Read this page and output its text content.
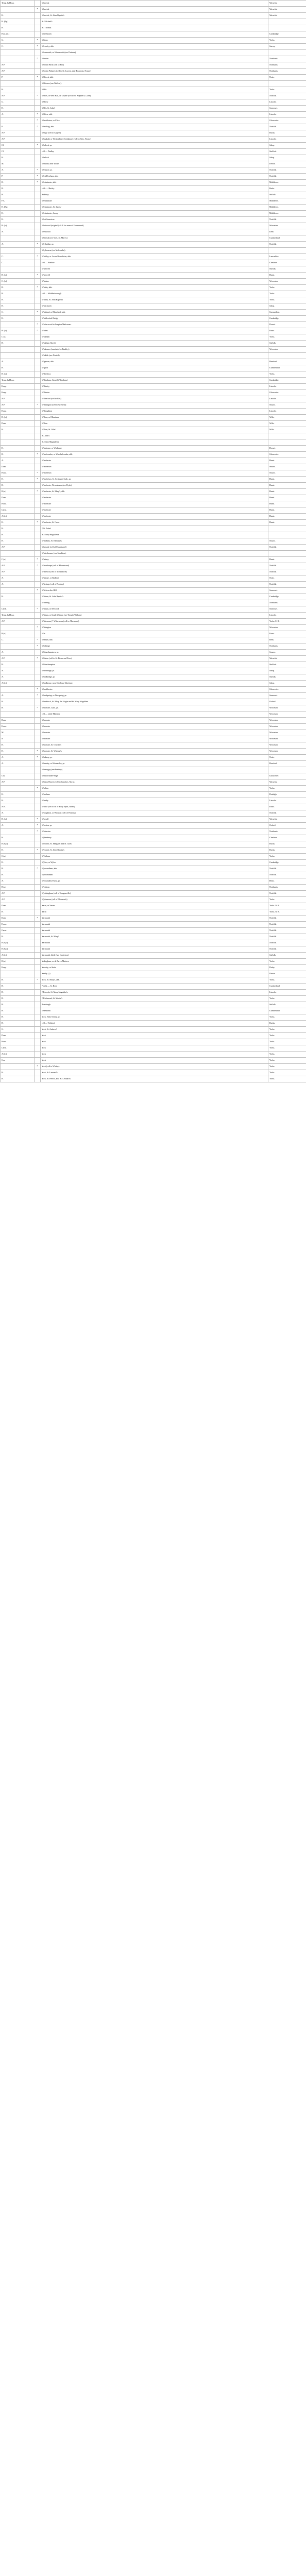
Temp. & Hosp.		Warwick	Warwick.
	*	Warwick	Warwick.
H.		Warwick, St. John Baptist's	Warwick.
H. (Ep.)		St. Michael's	
H.		St. Thomas'.	
Fran. (n.)		Waterbeach	Cambridge.
G.	*	Watton	Yorks.
C.	*	Waverley, abb.	Surrey.
		Wearmouth, or Weremouth (see Durham).	
	*	Weedon	Northants.
A.P.		Weedon Beck (cell to Bec)	Northants.
A.P.		Weedon Pinkney (cell to St. Lucien, near Beauvais, France)	Northants.
P.	*	Welbeck, abb.	Notts.
		Welhouse (see Wellow).	
H.		Welle	Yorks.
A.P.	*	Welles, or Well Hall, or Gryme (cell to St. Stephen's, Caen)	Norfolk.
G.		Wellow	Lincoln.
H.		Wells, St. John's	Somerset.
A.	*	Wellow, abb.	Lincoln.
	*	Wendelstree, or Clive	Gloucester.
P.	*	Wendling, abb.	Norfolk.
A.P.		Wenge (cell to Angers)	Bucks.
A.P.		Wenghall, or Westhall (see Coldstone) (cell to Sées, Norm.)	Lincoln.
Cl.	*	Wenlock, pr.	Salop.
Cl.		cell — Dudley	Stafford.
H.		Wenlock	Salop.
M.		Werland, near Totnes	Devon.
A.	*	Westacre, pr.	Norfolk.
P.	*	West Dereham, abb.	Norfolk.
B.	*	Westminster, abb.	Middlesex.
B.		cells — Hurley	Berks.
B.		Sudbury	Suffolk.
F.A.		Westminster	Middlesex.
H. (Ep.)		Westminster, St. James'	Middlesex.
H.		Westminster, Savoy	Middlesex.
H.		West Somerton	Norfolk.
B. (a.)		Westwood (originally A.P. for nuns of Fontevrault)	Worcester.
A.		Westwood	Kent.
		Wetheral (see York, St. Mary's)	Cumberland.
A.	*	Weybridge, pr.	Norfolk.
		Weybourne (see Molcombe).	
C.	*	Whalley, or Locus Benedictus, abb.	Lancashire.
C.		cell — Stanlaw	Cheshire.
		Wherwell	Suffolk.
B. (a.)	*	Wherwell	Hants.
C. (a.)		Whiston	Worcester.
B.	*	Whitby, abb.	Yorks.
B.		cell — Middlesborough	Yorks.
H.		Whitby, St. John Baptist's	Yorks.
H.		Whitchurch	Salop.
C.	*	Whitland, or Blancland, abb.	Carmarthen.
H.		Whittlesford Bridge	Cambridge.
	*	Wicherwood in Langton Maltravers	Dorset.
B. (a.)	*	Wickes	Essex.
C (a.)		Wickham	Yorks.
B.		Wickham Skeyth	Suffolk.
		Wickmere (translated to Bradley)	Worcester.
		Widkirk (see Nostell).	
A.		Wigmore, abb.	Hereford.
H.		Wigton	Cumberland.
B. (a.)		Wilberfoss	Yorks.
Temp. & Hosp.		Wilbraham, Great (Wilbraham)	Cambridge.
Hosp.		Willesley	Lincoln.
Hosp.		Willerton	Gloucester.
A.P.		Willesford (cell to Bec)	Lincoln.
A.P.	*	Wilmington (cell to Grestein)	Sussex.
Hosp.		Willoughton	Lincoln.
B. (a.)		Wilton, or Ellandune	Wilts.
Dom.		Wilton	Wilts.
H.		Wilton, St. Giles'	Wilts.
		St. John's	
		St. Mary Magdalen's	
H.		Wimborne, or Winborne	Dorset.
B.	*	Winchcombe, or Winchelcombe, abb.	Gloucester.
A.		Winchester	Hants.
Dom.		Winchelsea	Sussex.
Franc.	*	Winchelsea	Sussex.
H.	*	Winchelsea, St. Swithun's Cath., pr.	Hants.
B.		Winchester, Newminster (see Hyde)	Hants.
B.(a.)	*	Winchester, St. Mary's, abb.	Hants.
Dom.		Winchester	Hants.
Franc.		Winchester	Hants.
Carm.		Winchester	Hants.
A.(fr.)		Winchester	Hants.
H.	*	Winchester, St. Cross	Hants.
H.		† St. John's	
H.		St. Mary Magdalen's	
H.		Windham, St. Edmund's	Sussex.
A.P.		Wareside (cell of Mountsorel)	Norfolk.
		Winterbourne (see Monkton).	
C.(a.)	*	Wintney	Hants.
A.P.	*	Wirenthorpe (cell of Mountsorel)	Norfolk.
A.P.		Wisbeach (cell of Mountsorel)	Norfolk.
A.		Wishope, or Radford	Notts.
A.		Witeringe (cell of Pontery)	Norfolk.
	*	Witch-on-the-Hill	Somerset.
H.		Witham, St. John Baptist's	Cambridge.
		Wittering	Northants.
Carth.	*	Witham, or Selwood	Somerset.
Temp. & Hosp.		Witham, or South Witham (see Temple Witham)	Lincoln.
A.P.		Withernsea (? Withernsea (cell to Albemarle)	Yorks. E. R.
	*	Withington	Worcester.
B.(a.)		Wix	Essex.
C.	*	Woburn, abb.	Beds.
	*	Wockinge	Northants.
A.		Wolmerhamstow, pr.	Sussex.
A.P.	*	Wolston (cell to St. Pierre sur Dives)	Warwick.
H.		Wolverhampton	Stafford.
A.		Wombridge, pr.	Salop.
A.		Woodbridge, pr.	Suffolk.
A.(fr.)		Woodhouse, near Cleobury Mortimer	Salop.
	*	Woodchester	Gloucester.
A.	*	Woodspring, or Worspring, pr.	Somerset.
H.		Woodstock, St. Mary the Virgin and St. Mary Magdalen	Oxford.
B.	*	Worcester, Cath., pr.	Worcester.
		cell — Little Malvern	Worcester.
Dom.		Worcester	Worcester.
Franc.		Worcester	Worcester.
M.		Worcester	Worcester.
S.		Worcester	Worcester.
H.		Worcester, St. Oswald's	Worcester.
H.	*	Worcester, St. Wulstan's	Worcester.
A.	*	Worksop, pr.	Notts.
A.		Wormley, or Wormesley, pr.	Hereford.
		Wormegay (see Pentney).	
Cru.		Wotton-under-Edge	Gloucester.
A.P.		Wotton Wawen (cell to Conches, Norm.)	Warwick.
	*	Wrelton	Yorks.
H.		Wrexham	Denbigh.
H.		Wrexby	Lincoln.
A.H.		Writtle (cell to H. of Holy Spirit, Rome)	Essex.
A.		Wroughton, or Wroxton (cell of Pontery)	Norfolk.
B. (a.)	*	Wroxall	Warwick.
A.	*	Wroxton, pr.	Oxford.
	*	Wulverton	Northants.
H.		Wybunbury	Cheshire.
H.(Ep.)		Wycomb, St. Margaret and St. Giles'	Bucks.
H.	*	Wycomb, St. John Baptist's	Bucks.
C.(a.)		Wykeham	Yorks.
H.		Wykes, or Wykes	Cambridge.
B.	*	Wymondham, abb.	Norfolk.
H.		Wymondham	Norfolk.
A.		Wymondley Parva, pr.	Herts.
B.(a.)		Wyrthorp	Northants.
A.P.		Wyrthingham (cell of Longueville)	Norfolk.
A.P.		Wyttenesse (cell of Albemarle)	Yorks.
Dom.		Yarm, or Yarum	Yorks. N. R.
H.		Yarm	Yorks. N. R.
Dom.	*	Yarmouth	Norfolk.
Franc.		Yarmouth	Norfolk.
Carm.		Yarmouth	Norfolk.
H.		Yarmouth, St. Mary's	Norfolk.
H.(Ep.)		Yarmouth	Norfolk.
H.(Ep.)		Yarmouth	Norfolk.
A.(fr.)		Yarmouth, Little (see Gorleston)	Suffolk.
B.(a.)		Yedingham, or de Parvo Marisco	Yorks.
Hosp.		Yeveley, or Stede	Derby.
		Yealby (?)	Devon.
B.	*	York, St. Mary's, abb.	Yorks.
B.		* cells — St. Bees	Cumberland.
B.		† Lincoln, St. Mary Magdalen's	Lincoln.
B.		† Richmond, St. Martin's	Yorks.
B.		Rumburgh	Suffolk.
B.		† Wetheral	Cumberland.
B.		York, Holy Trinity, pr.	Yorks.
B.		cell — Tickford	Bucks.
G.		York, St. Andrew's	Yorks.
Dom.		York	Yorks.
Franc.		York	Yorks.
Carm.		York	Yorks.
A.(fr.)		York	Yorks.
Cru.		York	Yorks.
	*	York (cell to Whitby)	Yorks.
H.		York, St. Leonard's	Yorks.
H.		York, St. Peter's, also St. Leonard's	Yorks.
